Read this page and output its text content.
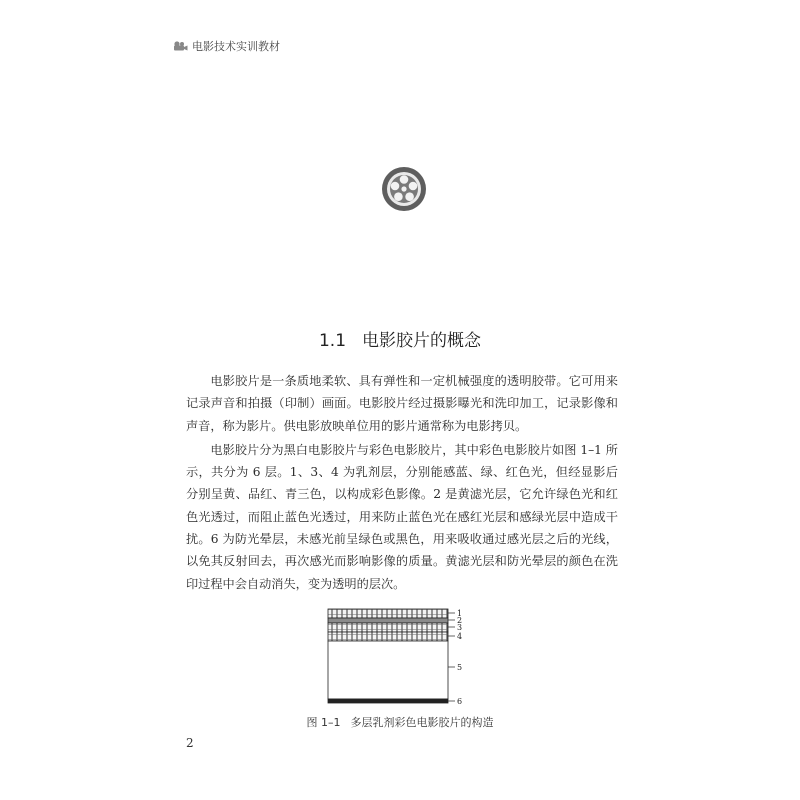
电影技术实训教材
1.1 电影胶片的概念

电影胶片是一条质地柔软、具有弹性和一定机械强度的透明胶带。它可用来记录声音和拍摄（印制）画面。电影胶片经过摄影曝光和洗印加工，记录影像和声音，称为影片。供电影放映单位用的影片通常称为电影拷贝。

电影胶片分为黑白电影胶片与彩色电影胶片，其中彩色电影胶片如图 1–1 所示，共分为 6 层。1、3、4 为乳剂层，分别能感蓝、绿、红色光，但经显影后分别呈黄、品红、青三色，以构成彩色影像。2 是黄滤光层，它允许绿色光和红色光透过，而阻止蓝色光透过，用来防止蓝色光在感红光层和感绿光层中造成干扰。6 为防光晕层，未感光前呈绿色或黑色，用来吸收通过感光层之后的光线，以免其反射回去，再次感光而影响影像的质量。黄滤光层和防光晕层的颜色在洗印过程中会自动消失，变为透明的层次。

1
2
3
4
5
6
图 1–1 多层乳剂彩色电影胶片的构造
2
